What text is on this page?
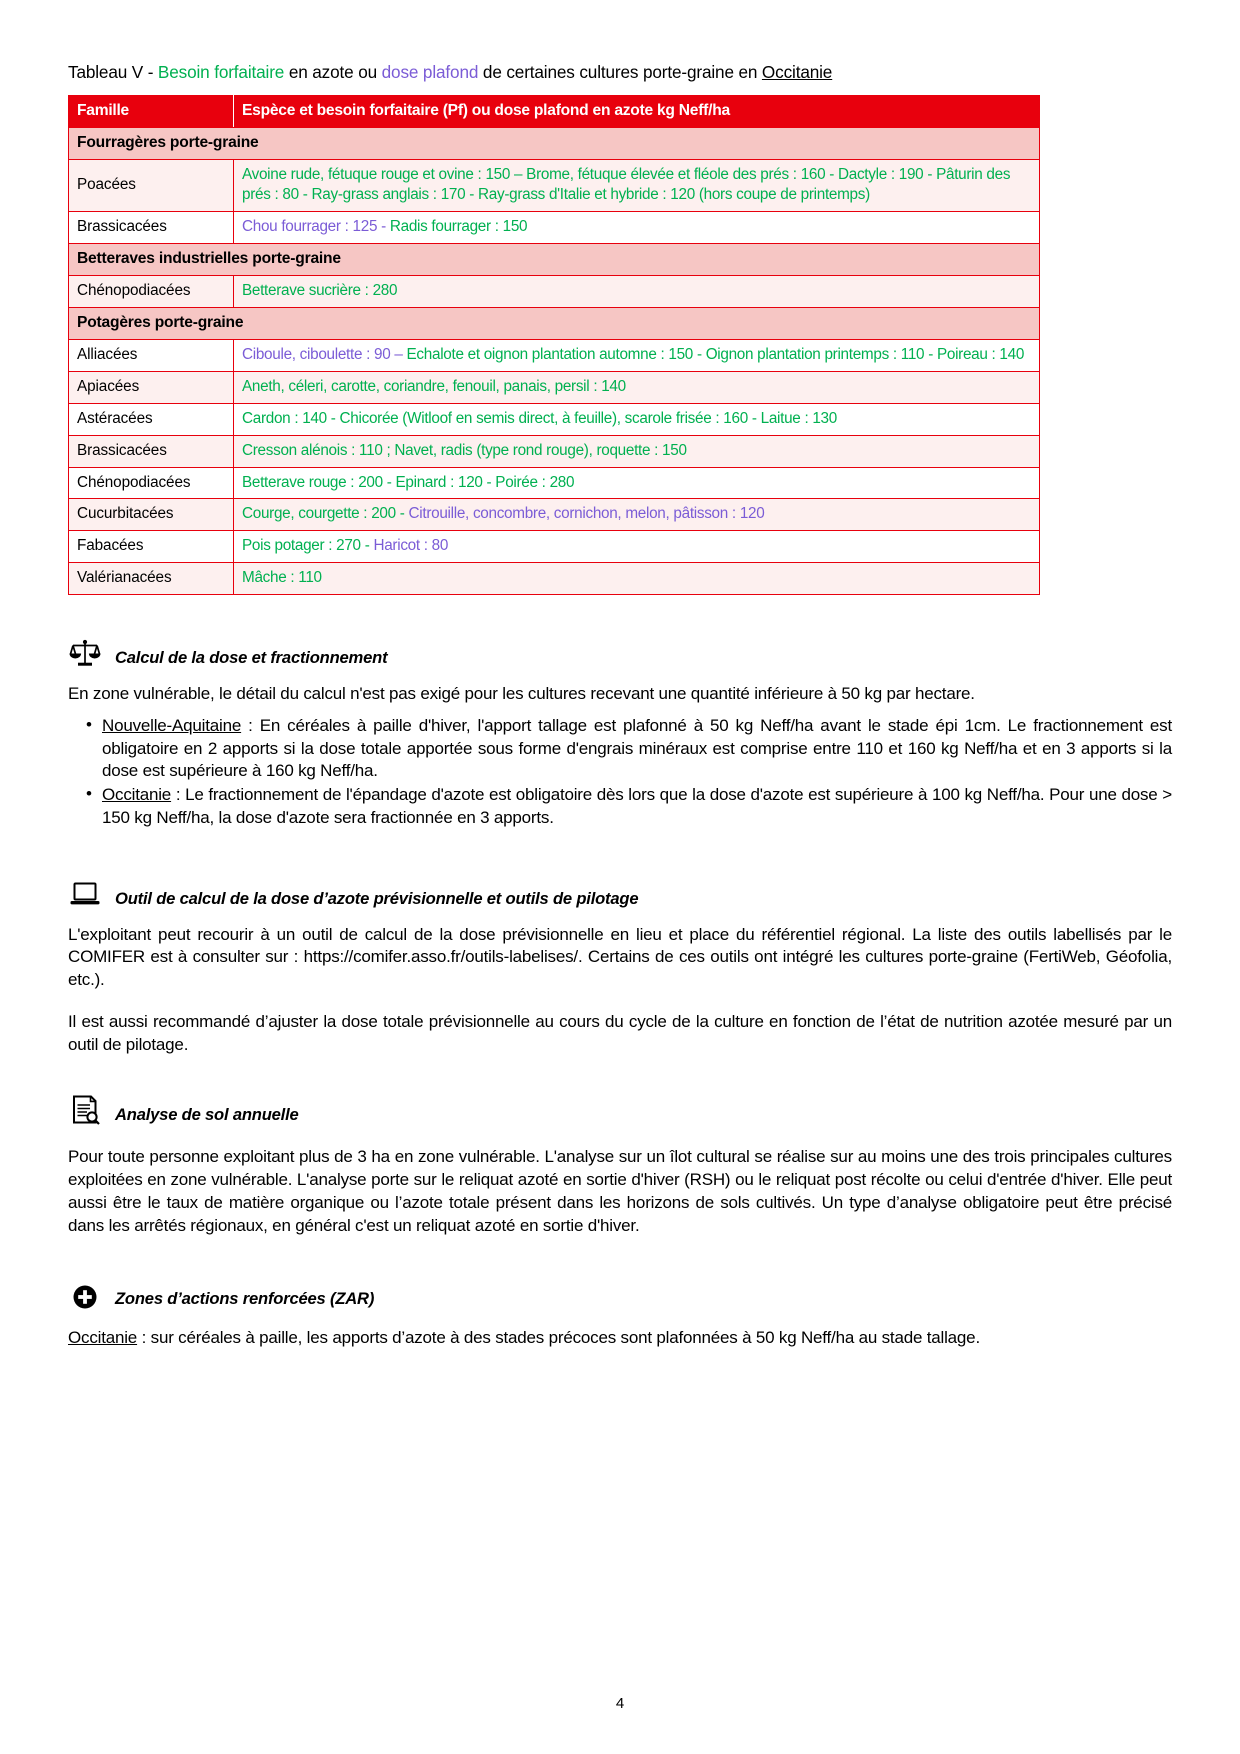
Tableau V - Besoin forfaitaire en azote ou dose plafond de certaines cultures porte-graine en Occitanie
Famille	Espèce et besoin forfaitaire (Pf) ou dose plafond en azote kg Neff/ha
Fourragères porte-graine	
Poacées	Avoine rude, fétuque rouge et ovine : 150 – Brome, fétuque élevée et fléole des prés : 160 - Dactyle : 190 - Pâturin des prés : 80 - Ray-grass anglais : 170 - Ray-grass d'Italie et hybride : 120 (hors coupe de printemps)
Brassicacées	Chou fourrager : 125 - Radis fourrager : 150
Betteraves industrielles porte-graine	
Chénopodiacées	Betterave sucrière : 280
Potagères porte-graine	
Alliacées	Ciboule, ciboulette : 90 – Echalote et oignon plantation automne : 150 - Oignon plantation printemps : 110 - Poireau : 140
Apiacées	Aneth, céleri, carotte, coriandre, fenouil, panais, persil : 140
Astéracées	Cardon : 140 - Chicorée (Witloof en semis direct, à feuille), scarole frisée : 160 - Laitue : 130
Brassicacées	Cresson alénois : 110 ; Navet, radis (type rond rouge), roquette : 150
Chénopodiacées	Betterave rouge : 200 - Epinard : 120 - Poirée : 280
Cucurbitacées	Courge, courgette : 200 - Citrouille, concombre, cornichon, melon, pâtisson : 120
Fabacées	Pois potager : 270 - Haricot : 80
Valérianacées	Mâche : 110
Calcul de la dose et fractionnement

En zone vulnérable, le détail du calcul n'est pas exigé pour les cultures recevant une quantité inférieure à 50 kg par hectare.

• Nouvelle-Aquitaine : En céréales à paille d'hiver, l'apport tallage est plafonné à 50 kg Neff/ha avant le stade épi 1cm. Le fractionnement est obligatoire en 2 apports si la dose totale apportée sous forme d'engrais minéraux est comprise entre 110 et 160 kg Neff/ha et en 3 apports si la dose est supérieure à 160 kg Neff/ha.
• Occitanie : Le fractionnement de l'épandage d'azote est obligatoire dès lors que la dose d'azote est supérieure à 100 kg Neff/ha. Pour une dose > 150 kg Neff/ha, la dose d'azote sera fractionnée en 3 apports.
Outil de calcul de la dose d’azote prévisionnelle et outils de pilotage

L'exploitant peut recourir à un outil de calcul de la dose prévisionnelle en lieu et place du référentiel régional. La liste des outils labellisés par le COMIFER est à consulter sur : https://comifer.asso.fr/outils-labelises/. Certains de ces outils ont intégré les cultures porte-graine (FertiWeb, Géofolia, etc.).

Il est aussi recommandé d’ajuster la dose totale prévisionnelle au cours du cycle de la culture en fonction de l’état de nutrition azotée mesuré par un outil de pilotage.

Analyse de sol annuelle

Pour toute personne exploitant plus de 3 ha en zone vulnérable. L'analyse sur un îlot cultural se réalise sur au moins une des trois principales cultures exploitées en zone vulnérable. L'analyse porte sur le reliquat azoté en sortie d'hiver (RSH) ou le reliquat post récolte ou celui d'entrée d'hiver. Elle peut aussi être le taux de matière organique ou l’azote totale présent dans les horizons de sols cultivés. Un type d’analyse obligatoire peut être précisé dans les arrêtés régionaux, en général c'est un reliquat azoté en sortie d'hiver.

Zones d’actions renforcées (ZAR)

Occitanie : sur céréales à paille, les apports d’azote à des stades précoces sont plafonnées à 50 kg Neff/ha au stade tallage.

4
